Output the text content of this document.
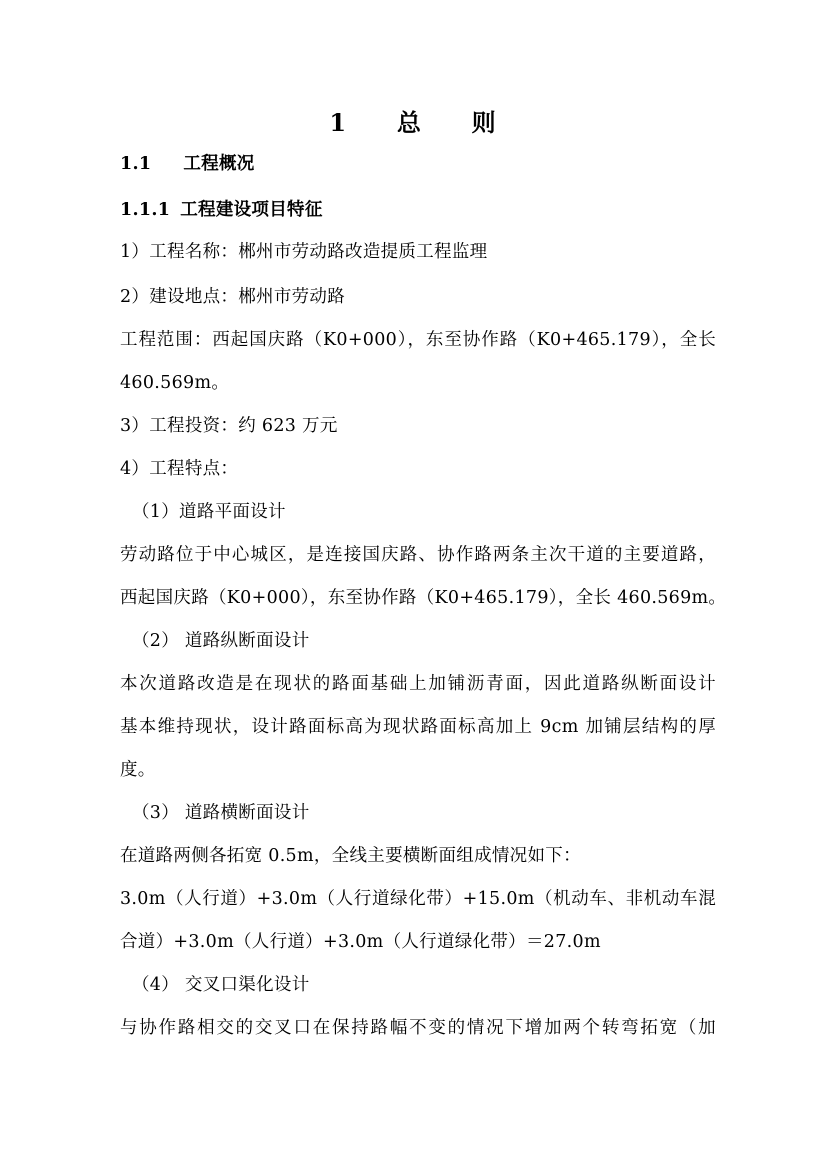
1 总 则
1.1 工程概况
1.1.1 工程建设项目特征
1）工程名称：郴州市劳动路改造提质工程监理
2）建设地点：郴州市劳动路
工程范围：西起国庆路（K0+000），东至协作路（K0+465.179），全长
460.569m。
3）工程投资：约 623 万元
4）工程特点：
（1）道路平面设计
劳动路位于中心城区，是连接国庆路、协作路两条主次干道的主要道路，
西起国庆路（K0+000），东至协作路（K0+465.179），全长 460.569m。
（2） 道路纵断面设计
本次道路改造是在现状的路面基础上加铺沥青面，因此道路纵断面设计
基本维持现状，设计路面标高为现状路面标高加上 9cm 加铺层结构的厚
度。
（3） 道路横断面设计
在道路两侧各拓宽 0.5m，全线主要横断面组成情况如下：
3.0m（人行道）+3.0m（人行道绿化带）+15.0m（机动车、非机动车混
合道）+3.0m（人行道）+3.0m（人行道绿化带）＝27.0m
（4） 交叉口渠化设计
与协作路相交的交叉口在保持路幅不变的情况下增加两个转弯拓宽（加
